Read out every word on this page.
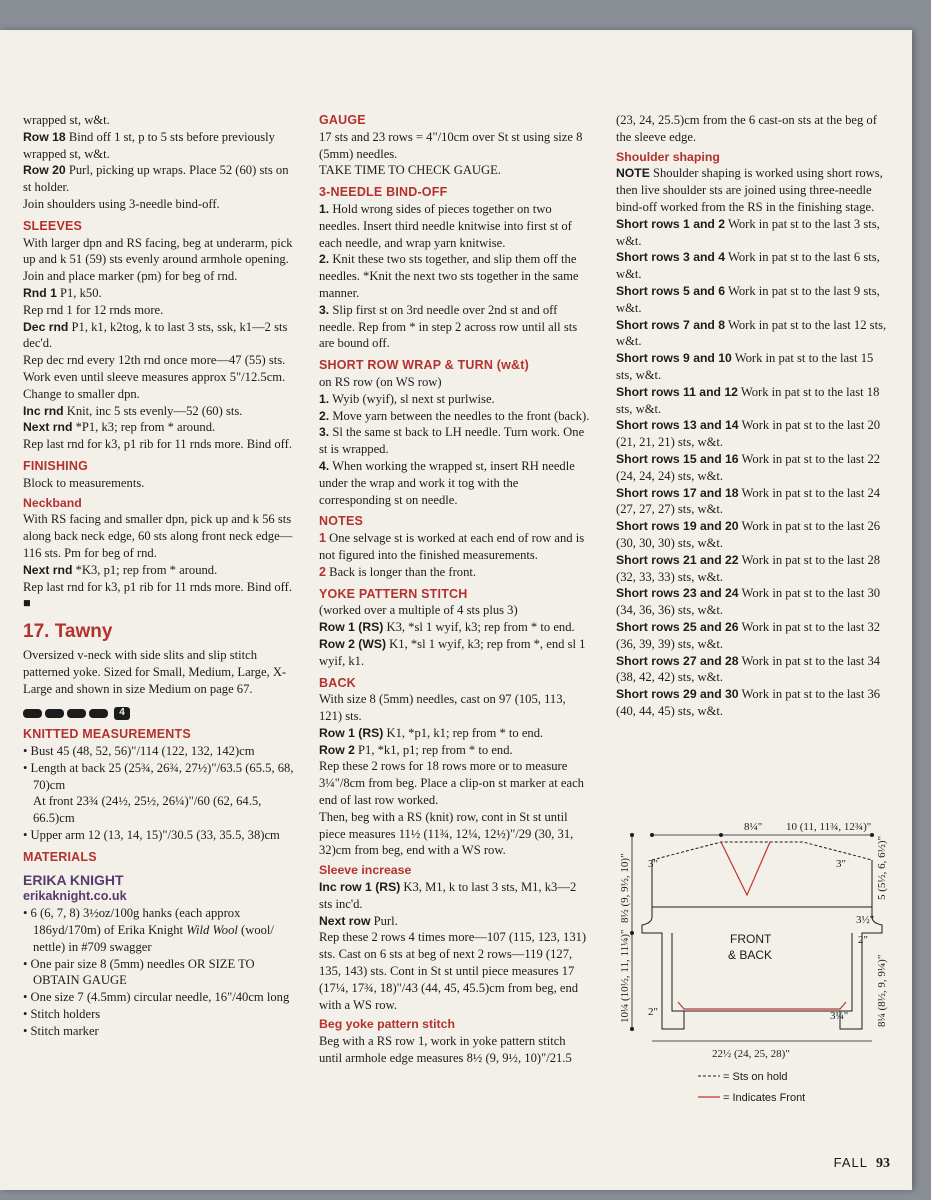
wrapped st, w&t.

Row 18 Bind off 1 st, p to 5 sts before previously wrapped st, w&t.

Row 20 Purl, picking up wraps. Place 52 (60) sts on st holder.

Join shoulders using 3-needle bind-off.

SLEEVES

With larger dpn and RS facing, beg at underarm, pick up and k 51 (59) sts evenly around armhole opening. Join and place marker (pm) for beg of rnd.

Rnd 1 P1, k50.

Rep rnd 1 for 12 rnds more.

Dec rnd P1, k1, k2tog, k to last 3 sts, ssk, k1—2 sts dec'd.

Rep dec rnd every 12th rnd once more—47 (55) sts. Work even until sleeve measures approx 5"/12.5cm. Change to smaller dpn.

Inc rnd Knit, inc 5 sts evenly—52 (60) sts.

Next rnd *P1, k3; rep from * around.

Rep last rnd for k3, p1 rib for 11 rnds more. Bind off.

FINISHING

Block to measurements.

Neckband

With RS facing and smaller dpn, pick up and k 56 sts along back neck edge, 60 sts along front neck edge—116 sts. Pm for beg of rnd.

Next rnd *K3, p1; rep from * around.

Rep last rnd for k3, p1 rib for 11 rnds more. Bind off. ■

17. Tawny

Oversized v-neck with side slits and slip stitch patterned yoke. Sized for Small, Medium, Large, X-Large and shown in size Medium on page 67.

4

KNITTED MEASUREMENTS

• Bust 45 (48, 52, 56)"/114 (122, 132, 142)cm

• Length at back 25 (25¾, 26¾, 27½)"/63.5 (65.5, 68, 70)cm

At front 23¾ (24½, 25½, 26¼)"/60 (62, 64.5, 66.5)cm

• Upper arm 12 (13, 14, 15)"/30.5 (33, 35.5, 38)cm

MATERIALS

ERIKA KNIGHT

erikaknight.co.uk

• 6 (6, 7, 8) 3½oz/100g hanks (each approx 186yd/170m) of Erika Knight Wild Wool (wool/ nettle) in #709 swagger

• One pair size 8 (5mm) needles OR SIZE TO OBTAIN GAUGE

• One size 7 (4.5mm) circular needle, 16"/40cm long

• Stitch holders

• Stitch marker

GAUGE

17 sts and 23 rows = 4"/10cm over St st using size 8 (5mm) needles.

TAKE TIME TO CHECK GAUGE.

3-NEEDLE BIND-OFF

1. Hold wrong sides of pieces together on two needles. Insert third needle knitwise into first st of each needle, and wrap yarn knitwise.

2. Knit these two sts together, and slip them off the needles. *Knit the next two sts together in the same manner.

3. Slip first st on 3rd needle over 2nd st and off needle. Rep from * in step 2 across row until all sts are bound off.

SHORT ROW WRAP & TURN (w&t)

on RS row (on WS row)

1. Wyib (wyif), sl next st purlwise.

2. Move yarn between the needles to the front (back).

3. Sl the same st back to LH needle. Turn work. One st is wrapped.

4. When working the wrapped st, insert RH needle under the wrap and work it tog with the corresponding st on needle.

NOTES

1 One selvage st is worked at each end of row and is not figured into the finished measurements.

2 Back is longer than the front.

YOKE PATTERN STITCH

(worked over a multiple of 4 sts plus 3)

Row 1 (RS) K3, *sl 1 wyif, k3; rep from * to end.

Row 2 (WS) K1, *sl 1 wyif, k3; rep from *, end sl 1 wyif, k1.

BACK

With size 8 (5mm) needles, cast on 97 (105, 113, 121) sts.

Row 1 (RS) K1, *p1, k1; rep from * to end.

Row 2 P1, *k1, p1; rep from * to end.

Rep these 2 rows for 18 rows more or to measure 3¼"/8cm from beg. Place a clip-on st marker at each end of last row worked.

Then, beg with a RS (knit) row, cont in St st until piece measures 11½ (11¾, 12¼, 12½)"/29 (30, 31, 32)cm from beg, end with a WS row.

Sleeve increase

Inc row 1 (RS) K3, M1, k to last 3 sts, M1, k3—2 sts inc'd.

Next row Purl.

Rep these 2 rows 4 times more—107 (115, 123, 131) sts. Cast on 6 sts at beg of next 2 rows—119 (127, 135, 143) sts. Cont in St st until piece measures 17 (17¼, 17¾, 18)"/43 (44, 45, 45.5)cm from beg, end with a WS row.

Beg yoke pattern stitch

Beg with a RS row 1, work in yoke pattern stitch until armhole edge measures 8½ (9, 9½, 10)"/21.5

(23, 24, 25.5)cm from the 6 cast-on sts at the beg of the sleeve edge.

Shoulder shaping

NOTE Shoulder shaping is worked using short rows, then live shoulder sts are joined using three-needle bind-off worked from the RS in the finishing stage.

Short rows 1 and 2 Work in pat st to the last 3 sts, w&t.

Short rows 3 and 4 Work in pat st to the last 6 sts, w&t.

Short rows 5 and 6 Work in pat st to the last 9 sts, w&t.

Short rows 7 and 8 Work in pat st to the last 12 sts, w&t.

Short rows 9 and 10 Work in pat st to the last 15 sts, w&t.

Short rows 11 and 12 Work in pat st to the last 18 sts, w&t.

Short rows 13 and 14 Work in pat st to the last 20 (21, 21, 21) sts, w&t.

Short rows 15 and 16 Work in pat st to the last 22 (24, 24, 24) sts, w&t.

Short rows 17 and 18 Work in pat st to the last 24 (27, 27, 27) sts, w&t.

Short rows 19 and 20 Work in pat st to the last 26 (30, 30, 30) sts, w&t.

Short rows 21 and 22 Work in pat st to the last 28 (32, 33, 33) sts, w&t.

Short rows 23 and 24 Work in pat st to the last 30 (34, 36, 36) sts, w&t.

Short rows 25 and 26 Work in pat st to the last 32 (36, 39, 39) sts, w&t.

Short rows 27 and 28 Work in pat st to the last 34 (38, 42, 42) sts, w&t.

Short rows 29 and 30 Work in pat st to the last 36 (40, 44, 45) sts, w&t.

8¼" 10 (11, 11¾, 12¾)"
FRONT
& BACK
8½ (9, 9½, 10)"
10¼ (10½, 11, 11¼)"
3"
2"
3"	5 (5½, 6, 6½)"
3½"
2"
3¼"	8¼ (8½, 9, 9¼)"
22½ (24, 25, 28)"
= Sts on hold
= Indicates Front
FALL 93
